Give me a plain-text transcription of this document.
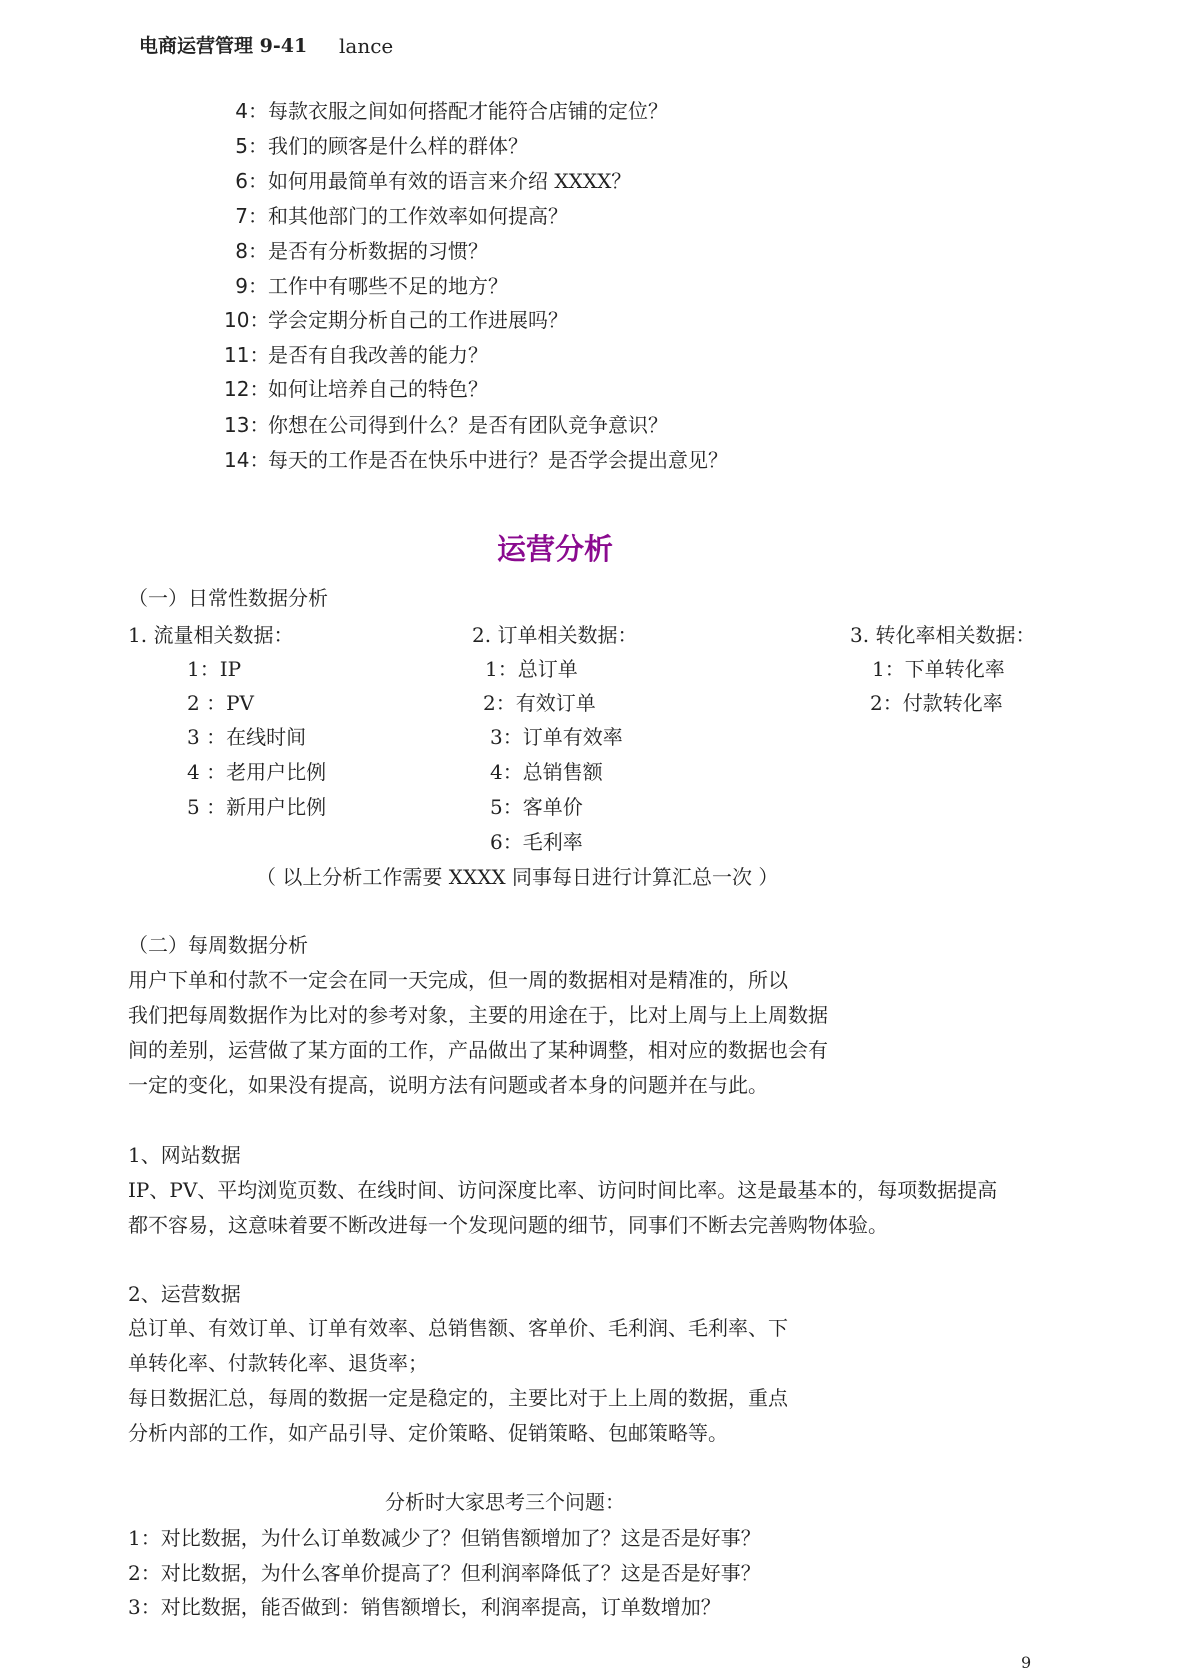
电商运营管理 9-41 lance
4：每款衣服之间如何搭配才能符合店铺的定位？
5：我们的顾客是什么样的群体？
6：如何用最简单有效的语言来介绍 XXXX？
7：和其他部门的工作效率如何提高？
8：是否有分析数据的习惯？
9：工作中有哪些不足的地方？
10：学会定期分析自己的工作进展吗？
11：是否有自我改善的能力？
12：如何让培养自己的特色？
13：你想在公司得到什么？是否有团队竞争意识？
14：每天的工作是否在快乐中进行？是否学会提出意见？
运营分析
（一）日常性数据分析
1. 流量相关数据：
1：IP
2 ：PV
3 ：在线时间
4 ：老用户比例
5 ：新用户比例
2. 订单相关数据：
1：总订单
2：有效订单
3：订单有效率
4：总销售额
5：客单价
6：毛利率
3. 转化率相关数据：
1：下单转化率
2：付款转化率
（ 以上分析工作需要 XXXX 同事每日进行计算汇总一次 ）
（二）每周数据分析
用户下单和付款不一定会在同一天完成，但一周的数据相对是精准的，所以
我们把每周数据作为比对的参考对象，主要的用途在于，比对上周与上上周数据
间的差别，运营做了某方面的工作，产品做出了某种调整，相对应的数据也会有
一定的变化，如果没有提高，说明方法有问题或者本身的问题并在与此。
1、网站数据
IP、PV、平均浏览页数、在线时间、访问深度比率、访问时间比率。这是最基本的，每项数据提高
都不容易，这意味着要不断改进每一个发现问题的细节，同事们不断去完善购物体验。
2、运营数据
总订单、有效订单、订单有效率、总销售额、客单价、毛利润、毛利率、下
单转化率、付款转化率、退货率；
每日数据汇总，每周的数据一定是稳定的，主要比对于上上周的数据，重点
分析内部的工作，如产品引导、定价策略、促销策略、包邮策略等。
分析时大家思考三个问题：
1：对比数据，为什么订单数减少了？但销售额增加了？这是否是好事？
2：对比数据，为什么客单价提高了？但利润率降低了？这是否是好事？
3：对比数据，能否做到：销售额增长，利润率提高，订单数增加？
9
